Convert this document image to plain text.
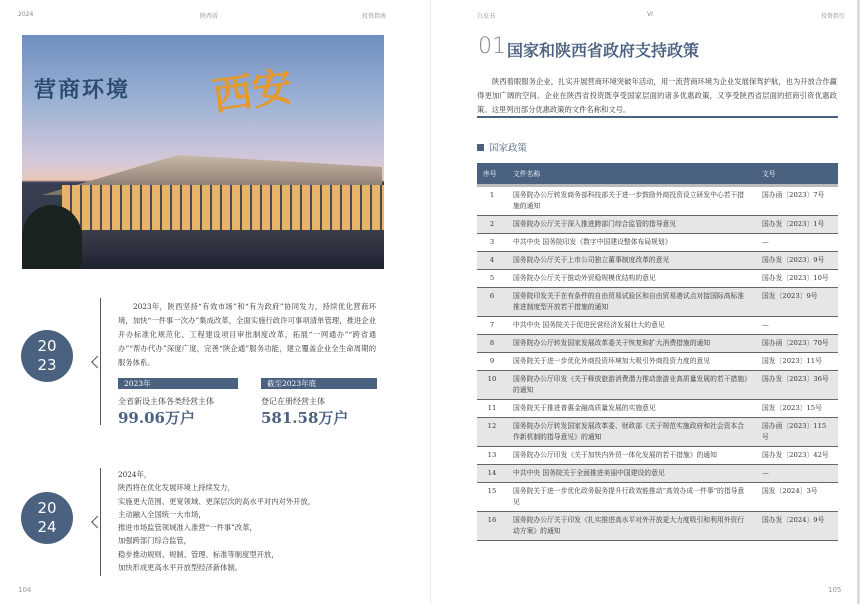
2024	陕西省	投资指南
西安
营商环境
20
23

2023年，陕西坚持“有效市场”和“有为政府”协同发力，持续优化营商环境，加快“一件事一次办”集成改革，全面实施行政许可事项清单管理，推进企业开办标准化规范化、工程建设项目审批制度改革，拓展“一网通办”“跨省通办”“帮办代办”深度广度，完善“陕企通”服务功能，建立覆盖企业全生命周期的服务体系。

2023年	截至2023年底
全省新设主体各类经营主体	登记在册经营主体
99.06万户	581.58万户
20
24
2024年，
陕西将在优化发展环境上持续发力，
实施更大范围、更宽领域、更深层次的高水平对内对外开放，
主动融入全国统一大市场，
推进市场监管领域准入准营“一件事”改革，
加强跨部门综合监管，
稳步推动规则、规制、管理、标准等制度型开放，
加快形成更高水平开放型经济新体制。
104
白皮书	VI	投资指引
01 国家和陕西省政府支持政策

陕西着眼服务企业，扎实开展营商环境突破年活动，用一流营商环境为企业发展保驾护航，也为开放合作赢得更加广阔的空间。企业在陕西省投资既享受国家层面的诸多优惠政策，又享受陕西省层面的招商引资优惠政策。这里列出部分优惠政策的文件名称和文号。

国家政策
序号	文件名称	文号
1	国务院办公厅转发商务部科技部关于进一步鼓励外商投资设立研发中心若干措施的通知	国办函〔2023〕7号
2	国务院办公厅关于深入推进跨部门综合监管的指导意见	国办发〔2023〕1号
3	中共中央 国务院印发《数字中国建设整体布局规划》	—
4	国务院办公厅关于上市公司独立董事制度改革的意见	国办发〔2023〕9号
5	国务院办公厅关于推动外贸稳规模优结构的意见	国办发〔2023〕10号
6	国务院印发关于在有条件的自由贸易试验区和自由贸易港试点对接国际高标准推进制度型开放若干措施的通知	国发〔2023〕9号
7	中共中央 国务院关于促进民营经济发展壮大的意见	—
8	国务院办公厅转发国家发展改革委关于恢复和扩大消费措施的通知	国办函〔2023〕70号
9	国务院关于进一步优化外商投资环境加大吸引外商投资力度的意见	国发〔2023〕11号
10	国务院办公厅印发《关于释放旅游消费潜力推动旅游业高质量发展的若干措施》的通知	国办发〔2023〕36号
11	国务院关于推进普惠金融高质量发展的实施意见	国发〔2023〕15号
12	国务院办公厅转发国家发展改革委、财政部《关于规范实施政府和社会资本合作新机制的指导意见》的通知	国办函〔2023〕115号
13	国务院办公厅印发《关于加快内外贸一体化发展的若干措施》的通知	国办发〔2023〕42号
14	中共中央 国务院关于全面推进美丽中国建设的意见	—
15	国务院关于进一步优化政务服务提升行政效能推动“高效办成一件事”的指导意见	国发〔2024〕3号
16	国务院办公厅关于印发《扎实推进高水平对外开放更大力度吸引和利用外资行动方案》的通知	国办发〔2024〕9号
105
